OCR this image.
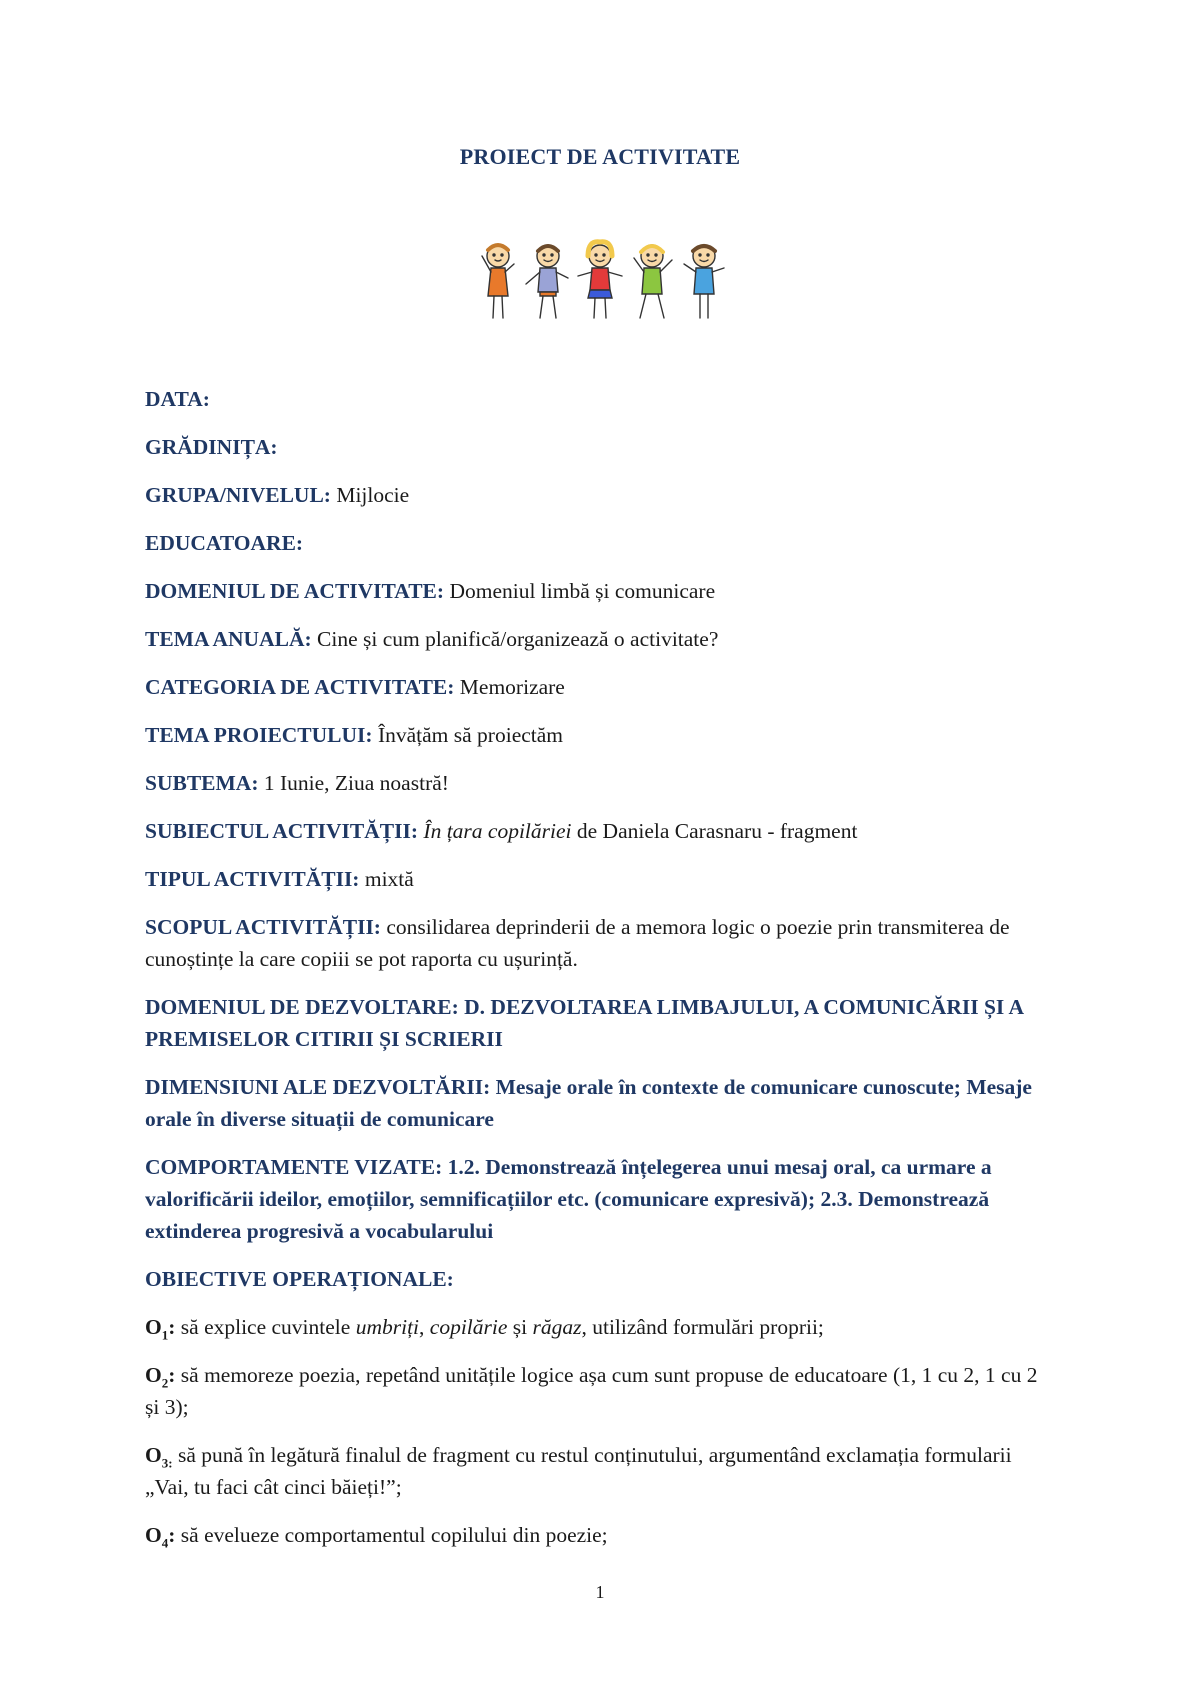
PROIECT DE ACTIVITATE

DATA:

GRĂDINIȚA:

GRUPA/NIVELUL: Mijlocie

EDUCATOARE:

DOMENIUL DE ACTIVITATE: Domeniul limbă și comunicare

TEMA ANUALĂ: Cine și cum planifică/organizează o activitate?

CATEGORIA DE ACTIVITATE: Memorizare

TEMA PROIECTULUI: Învățăm să proiectăm

SUBTEMA: 1 Iunie, Ziua noastră!

SUBIECTUL ACTIVITĂȚII: În țara copilăriei de Daniela Carasnaru - fragment

TIPUL ACTIVITĂȚII: mixtă

SCOPUL ACTIVITĂȚII: consilidarea deprinderii de a memora logic o poezie prin transmiterea de cunoștințe la care copiii se pot raporta cu ușurință.

DOMENIUL DE DEZVOLTARE: D. DEZVOLTAREA LIMBAJULUI, A COMUNICĂRII ȘI A PREMISELOR CITIRII ȘI SCRIERII

DIMENSIUNI ALE DEZVOLTĂRII: Mesaje orale în contexte de comunicare cunoscute; Mesaje orale în diverse situații de comunicare

COMPORTAMENTE VIZATE: 1.2. Demonstrează înțelegerea unui mesaj oral, ca urmare a valorificării ideilor, emoțiilor, semnificațiilor etc. (comunicare expresivă); 2.3. Demonstrează extinderea progresivă a vocabularului

OBIECTIVE OPERAȚIONALE:

$O_1$: să explice cuvintele umbriți, copilărie și răgaz, utilizând formulări proprii;

$O_2$: să memoreze poezia, repetând unitățile logice așa cum sunt propuse de educatoare (1, 1 cu 2, 1 cu 2 și 3);

$O_{3:}$ să pună în legătură finalul de fragment cu restul conținutului, argumentând exclamația formularii „Vai, tu faci cât cinci băieți!”;

$O_4$: să evelueze comportamentul copilului din poezie;

1
